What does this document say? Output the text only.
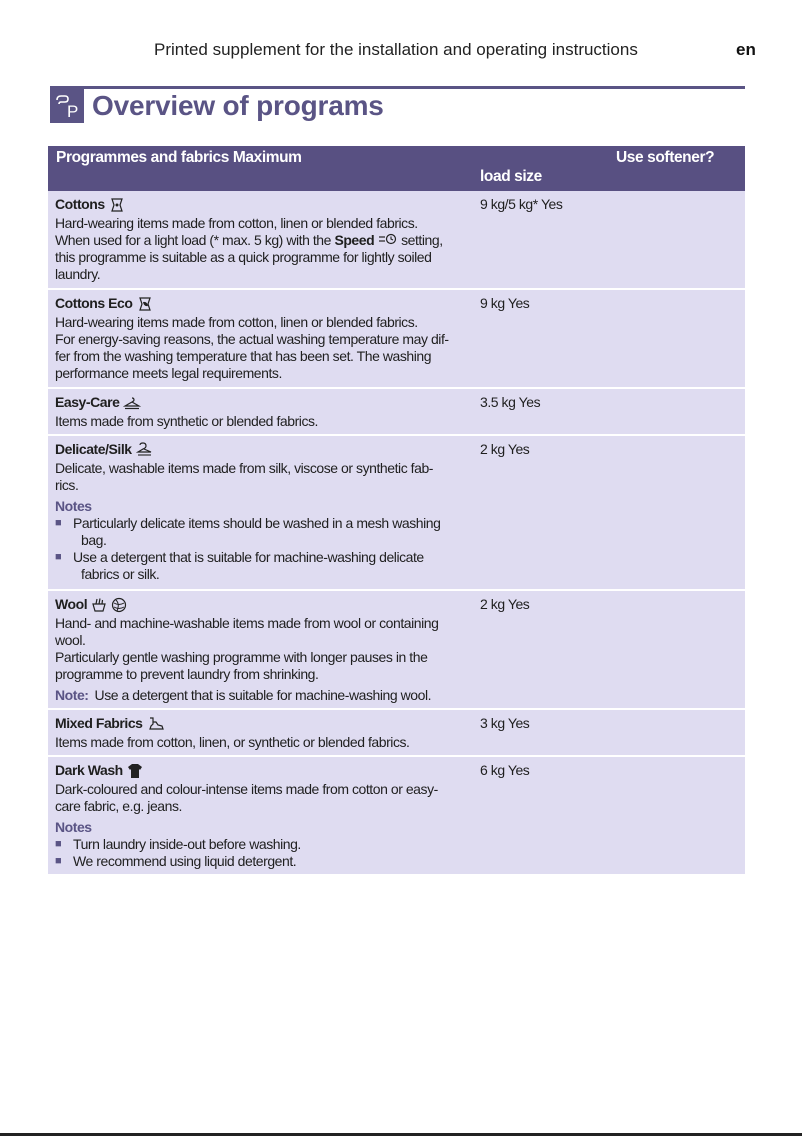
Printed supplement for the installation and operating instructions	en
P Overview of programs
Programmes and fabrics Maximum
load size
Use softener?
Cottons
Hard-wearing items made from cotton, linen or blended fabrics.
When used for a light load (* max. 5 kg) with the Speed setting,
this programme is suitable as a quick programme for lightly soiled
laundry.
9 kg/5 kg* Yes
Cottons Eco
Hard-wearing items made from cotton, linen or blended fabrics.
For energy-saving reasons, the actual washing temperature may dif-
fer from the washing temperature that has been set. The washing
performance meets legal requirements.
9 kg Yes
Easy-Care
Items made from synthetic or blended fabrics.
3.5 kg Yes
Delicate/Silk
Delicate, washable items made from silk, viscose or synthetic fab-
rics.
Notes
■ Particularly delicate items should be washed in a mesh washing
bag.
■ Use a detergent that is suitable for machine-washing delicate
fabrics or silk.
2 kg Yes
Wool
Hand- and machine-washable items made from wool or containing
wool.
Particularly gentle washing programme with longer pauses in the
programme to prevent laundry from shrinking.
Note: Use a detergent that is suitable for machine-washing wool.
2 kg Yes
Mixed Fabrics
Items made from cotton, linen, or synthetic or blended fabrics.
3 kg Yes
Dark Wash
Dark-coloured and colour-intense items made from cotton or easy-
care fabric, e.g. jeans.
Notes
■ Turn laundry inside-out before washing.
■ We recommend using liquid detergent.
6 kg Yes
